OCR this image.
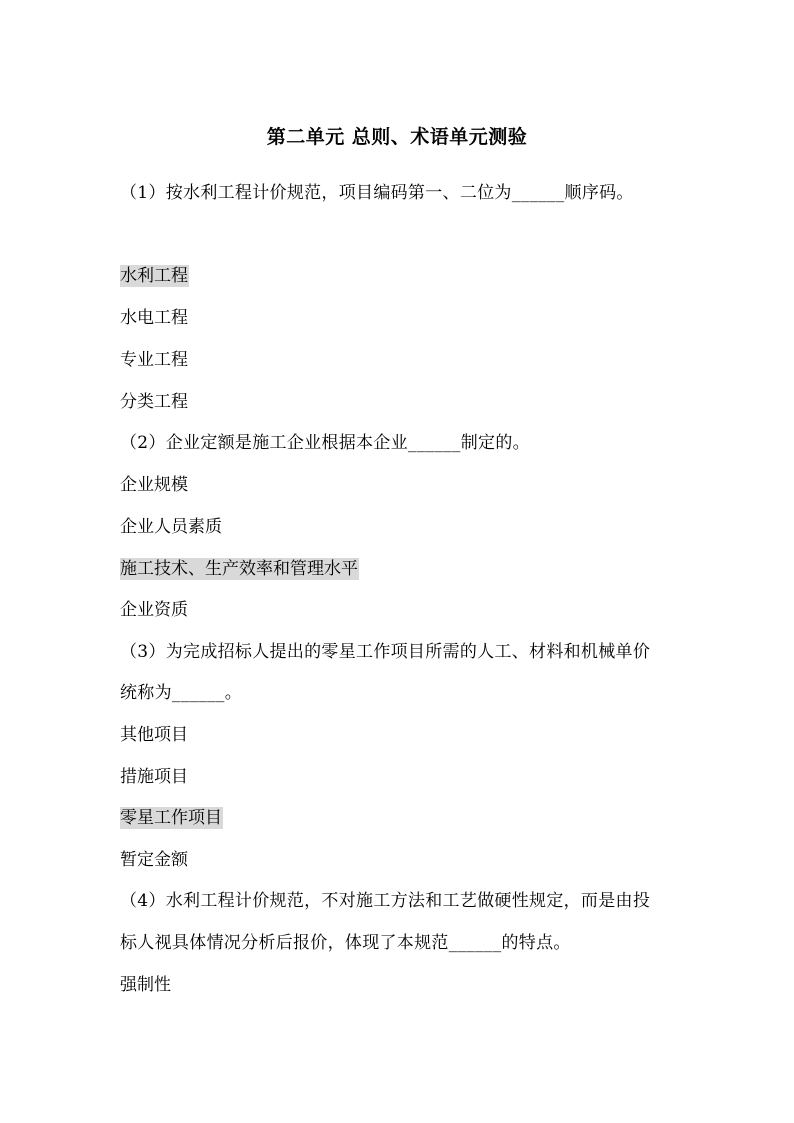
第二单元 总则、术语单元测验
（1）按水利工程计价规范，项目编码第一、二位为______顺序码。
水利工程
水电工程
专业工程
分类工程
（2）企业定额是施工企业根据本企业______制定的。
企业规模
企业人员素质
施工技术、生产效率和管理水平
企业资质
（3）为完成招标人提出的零星工作项目所需的人工、材料和机械单价
统称为______。
其他项目
措施项目
零星工作项目
暂定金额
（4）水利工程计价规范，不对施工方法和工艺做硬性规定，而是由投
标人视具体情况分析后报价，体现了本规范______的特点。
强制性
